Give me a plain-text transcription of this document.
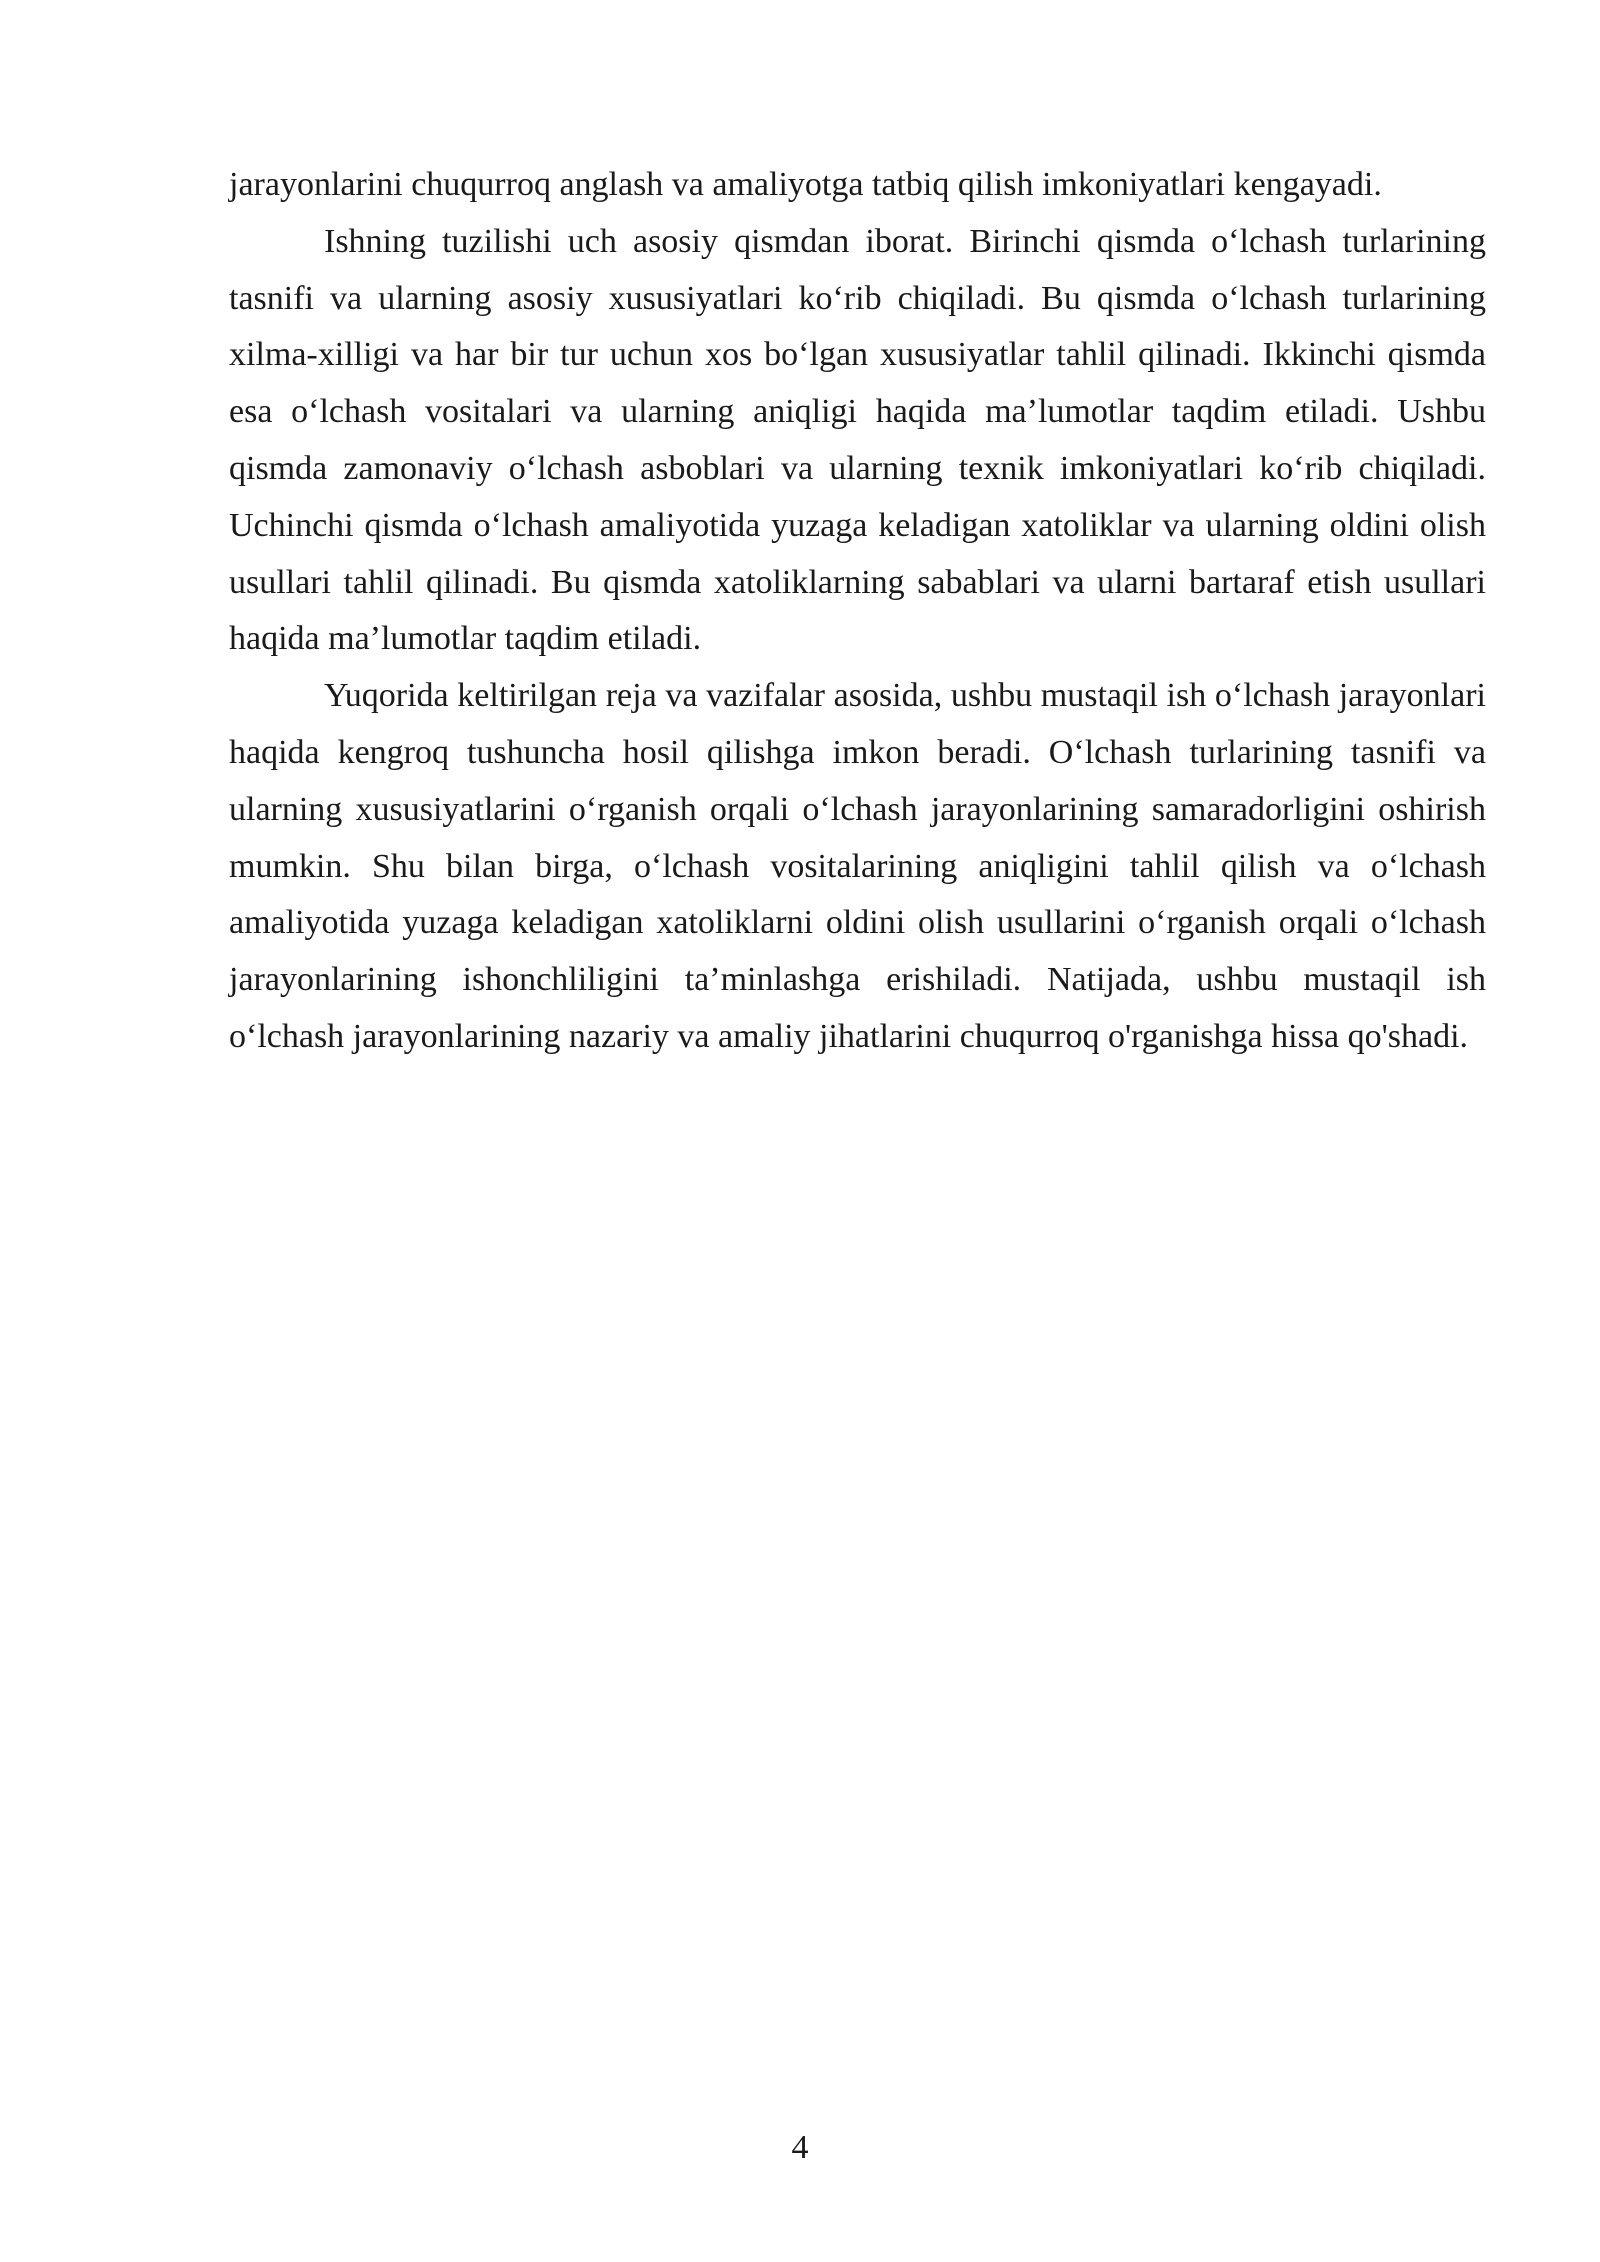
jarayonlarini chuqurroq anglash va amaliyotga tatbiq qilish imkoniyatlari kengayadi.

Ishning tuzilishi uch asosiy qismdan iborat. Birinchi qismda o‘lchash turlarining tasnifi va ularning asosiy xususiyatlari ko‘rib chiqiladi. Bu qismda o‘lchash turlarining xilma-xilligi va har bir tur uchun xos bo‘lgan xususiyatlar tahlil qilinadi. Ikkinchi qismda esa o‘lchash vositalari va ularning aniqligi haqida ma’lumotlar taqdim etiladi. Ushbu qismda zamonaviy o‘lchash asboblari va ularning texnik imkoniyatlari ko‘rib chiqiladi. Uchinchi qismda o‘lchash amaliyotida yuzaga keladigan xatoliklar va ularning oldini olish usullari tahlil qilinadi. Bu qismda xatoliklarning sabablari va ularni bartaraf etish usullari haqida ma’lumotlar taqdim etiladi.

Yuqorida keltirilgan reja va vazifalar asosida, ushbu mustaqil ish o‘lchash jarayonlari haqida kengroq tushuncha hosil qilishga imkon beradi. O‘lchash turlarining tasnifi va ularning xususiyatlarini o‘rganish orqali o‘lchash jarayonlarining samaradorligini oshirish mumkin. Shu bilan birga, o‘lchash vositalarining aniqligini tahlil qilish va o‘lchash amaliyotida yuzaga keladigan xatoliklarni oldini olish usullarini o‘rganish orqali o‘lchash jarayonlarining ishonchliligini ta’minlashga erishiladi. Natijada, ushbu mustaqil ish o‘lchash jarayonlarining nazariy va amaliy jihatlarini chuqurroq o'rganishga hissa qo'shadi.

4
